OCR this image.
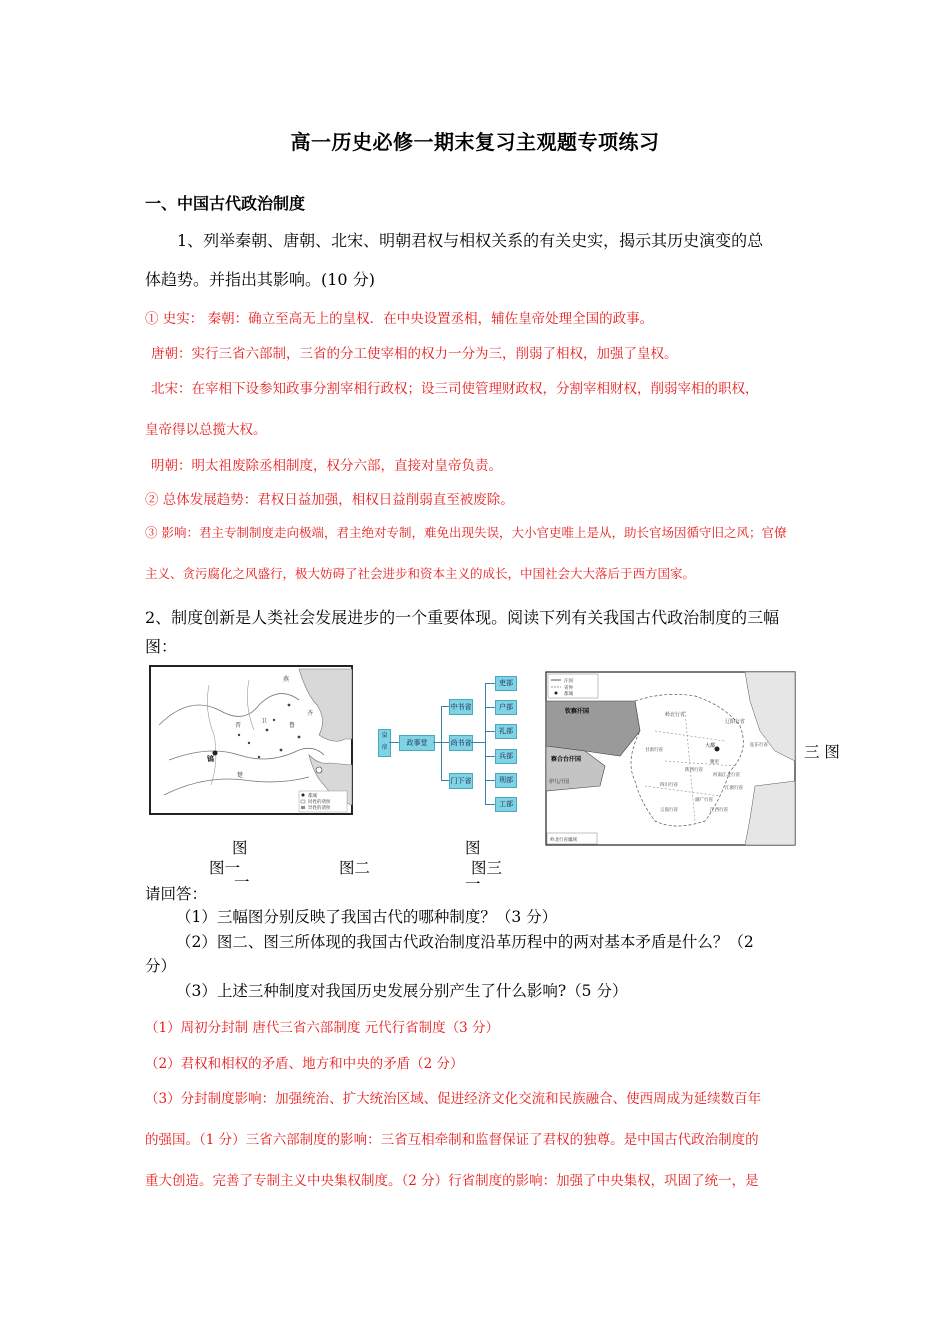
高一历史必修一期末复习主观题专项练习
一、中国古代政治制度
1、列举秦朝、唐朝、北宋、明朝君权与相权关系的有关史实，揭示其历史演变的总
体趋势。并指出其影响。(10 分)
① 史实： 秦朝：确立至高无上的皇权．在中央设置丞相，辅佐皇帝处理全国的政事。
唐朝：实行三省六部制，三省的分工使宰相的权力一分为三，削弱了相权，加强了皇权。
北宋：在宰相下设参知政事分割宰相行政权；设三司使管理财政权，分割宰相财权，削弱宰相的职权，
皇帝得以总揽大权。
明朝：明太祖废除丞相制度，权分六部，直接对皇帝负责。
② 总体发展趋势：君权日益加强，相权日益削弱直至被废除。
③ 影响：君主专制制度走向极端，君主绝对专制，难免出现失误，大小官吏唯上是从，助长官场因循守旧之风；官僚
主义、贪污腐化之风盛行，极大妨碍了社会进步和资本主义的成长，中国社会大大落后于西方国家。
2、制度创新是人类社会发展进步的一个重要体现。阅读下列有关我国古代政治制度的三幅
图：
燕
镐
晋
卫
鲁
齐
楚
都城
同姓的诸侯
异姓的诸侯
皇帝
政事堂
中书省
尚书省
门下省
吏部
户部
礼部
兵部
刑部
工部
钦察汗国
察合台汗国
伊儿汗国
岭北行省
辽阳行省
大都
腹里
征东行省
甘肃行省
四川行省
云南行省
湖广行省
江浙行省
江西行省
河南江北行省
陕西行省
汗国
省界
都城
岭北行省疆域
三 图
图
图一
一
图二
图
图三
一
请回答：
（1）三幅图分别反映了我国古代的哪种制度？（3 分）
（2）图二、图三所体现的我国古代政治制度沿革历程中的两对基本矛盾是什么？（2
分）
（3）上述三种制度对我国历史发展分别产生了什么影响?（5 分）
（1）周初分封制 唐代三省六部制度 元代行省制度（3 分）
（2）君权和相权的矛盾、地方和中央的矛盾（2 分）
（3）分封制度影响：加强统治、扩大统治区域、促进经济文化交流和民族融合、使西周成为延续数百年
的强国。（1 分）三省六部制度的影响：三省互相牵制和监督保证了君权的独尊。是中国古代政治制度的
重大创造。完善了专制主义中央集权制度。（2 分）行省制度的影响：加强了中央集权，巩固了统一，是
